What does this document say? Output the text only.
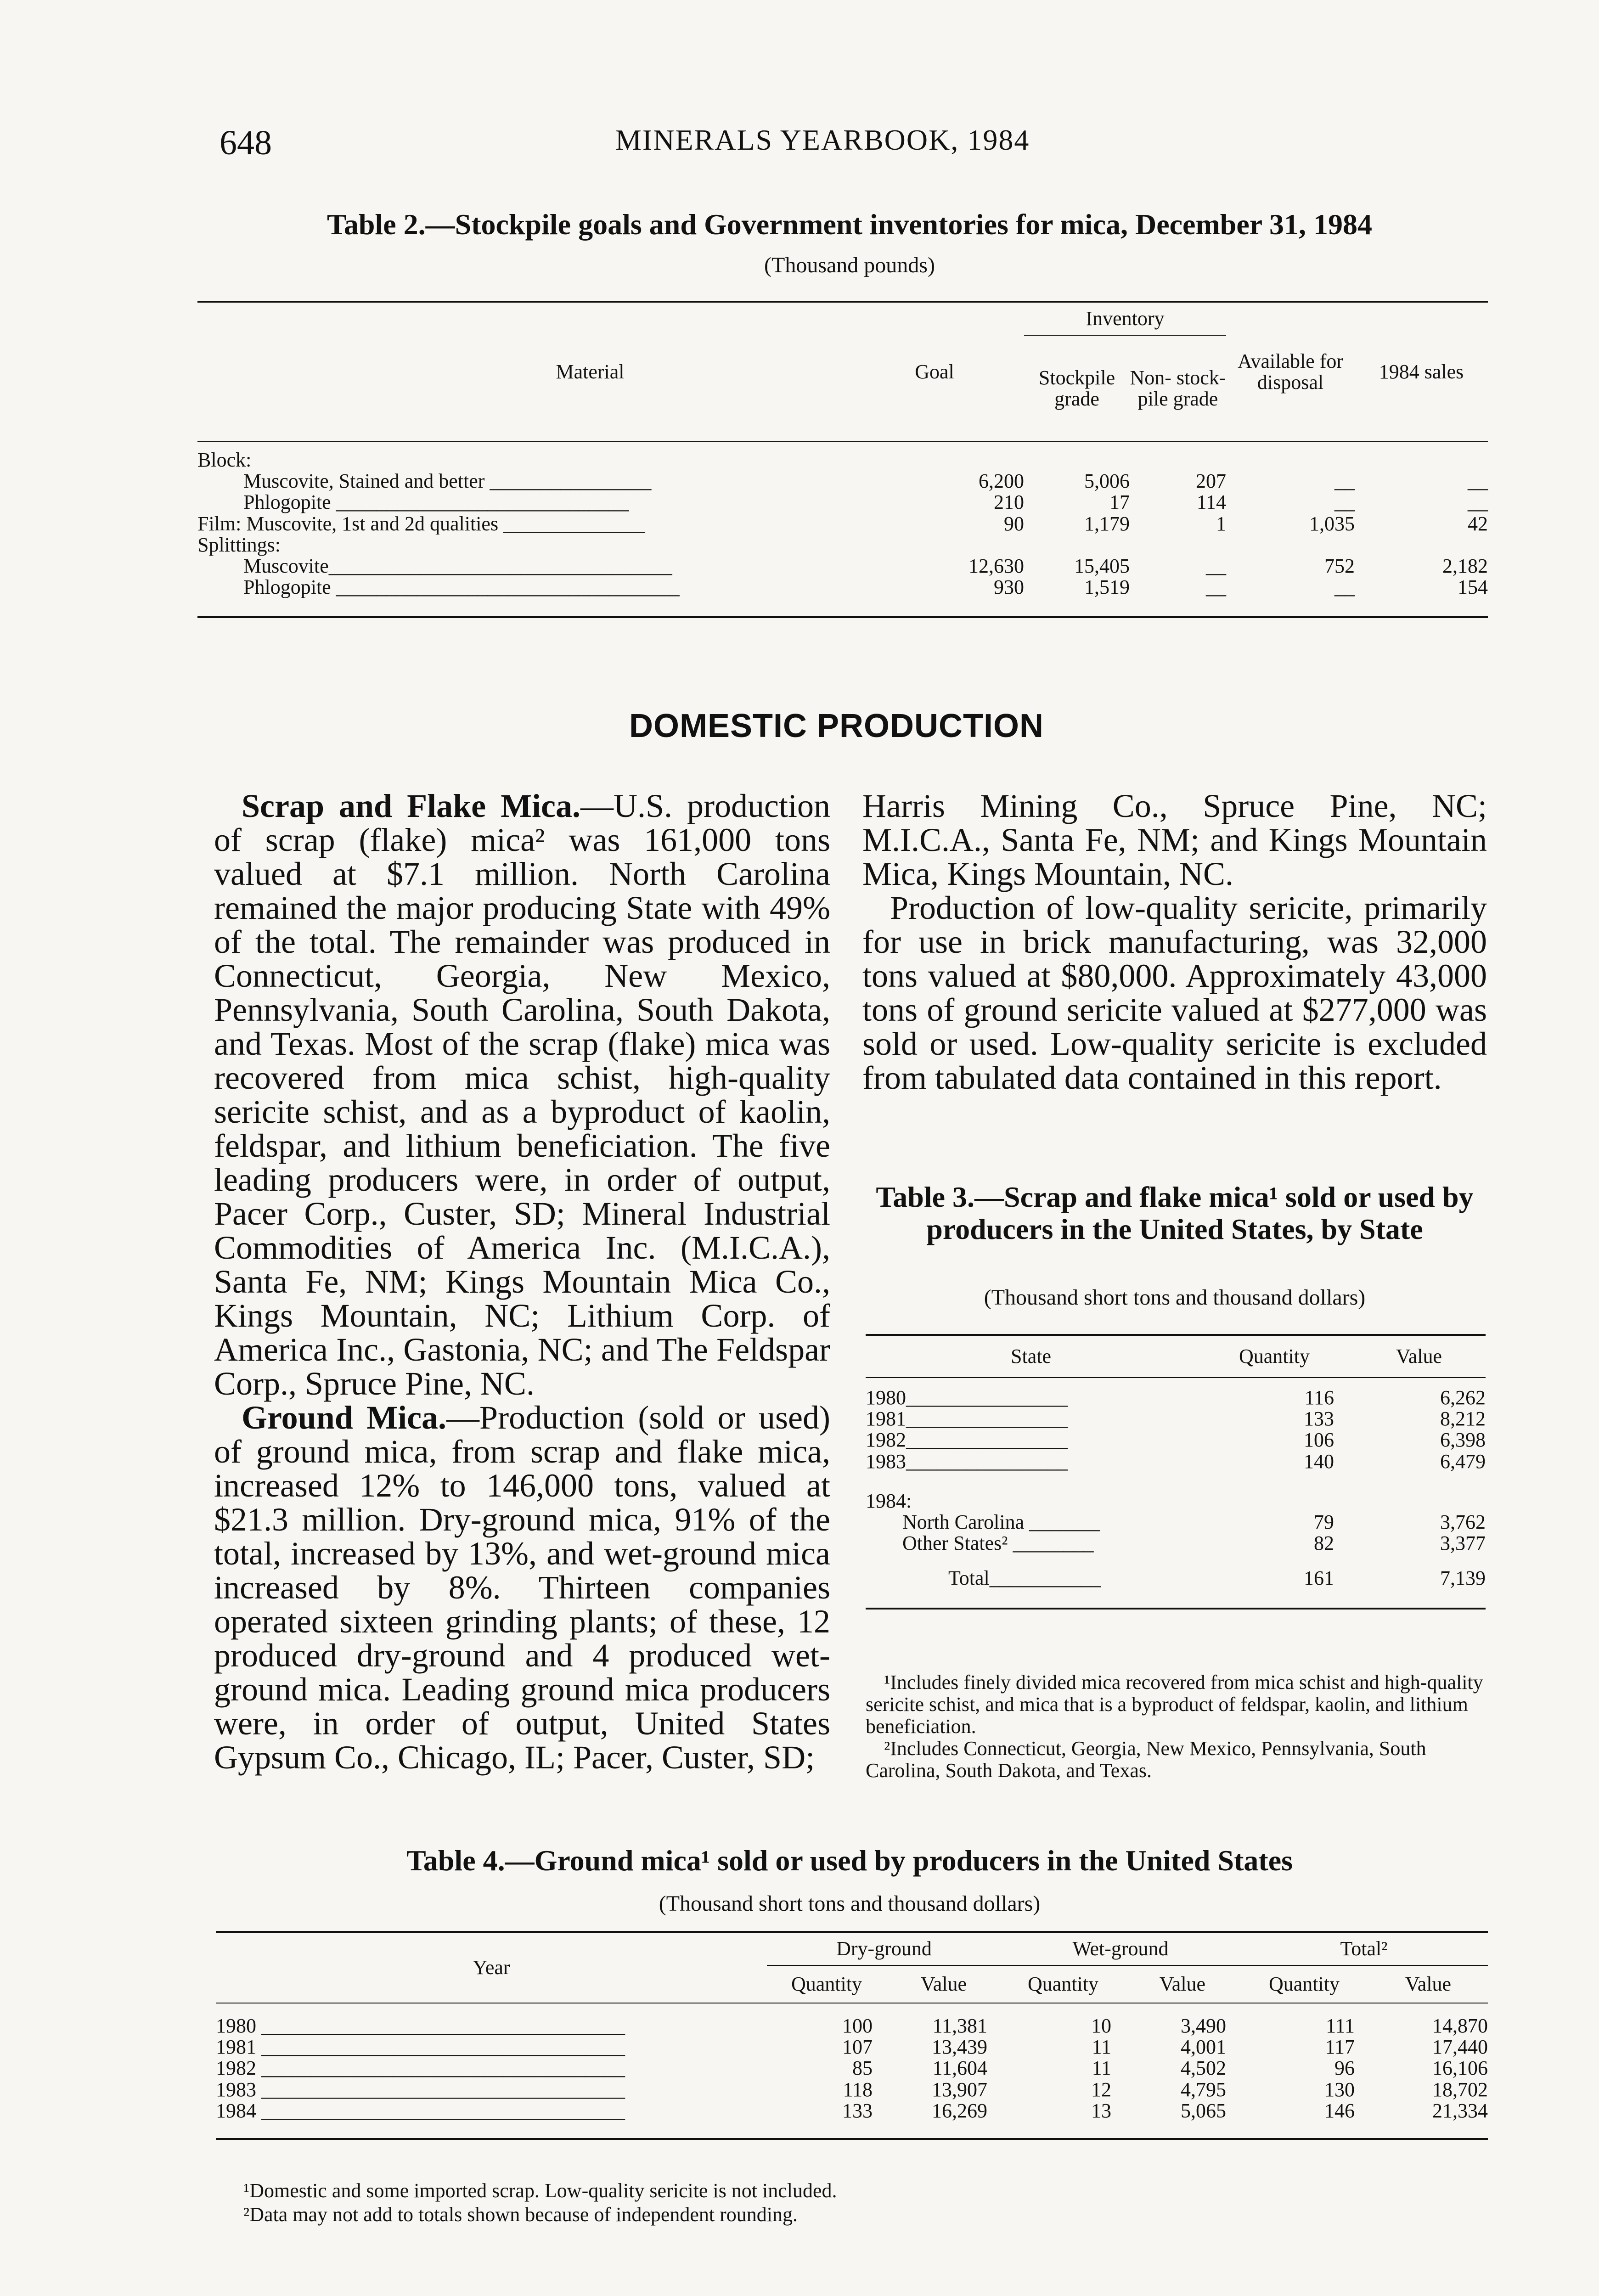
648	MINERALS YEARBOOK, 1984
Table 2.—Stockpile goals and Government inventories for mica, December 31, 1984
(Thousand pounds)
Material	Goal	Inventory		Available for disposal	1984 sales
		Stockpile grade	Non- stock- pile grade		
Block:					
Muscovite, Stained and better ________________	6,200	5,006	207	__	__
Phlogopite _____________________________	210	17	114	__	__
Film: Muscovite, 1st and 2d qualities ______________	90	1,179	1	1,035	42
Splittings:					
Muscovite__________________________________	12,630	15,405	__	752	2,182
Phlogopite __________________________________	930	1,519	__	__	154

DOMESTIC PRODUCTION

Scrap and Flake Mica.—U.S. production of scrap (flake) mica² was 161,000 tons valued at $7.1 million. North Carolina remained the major producing State with 49% of the total. The remainder was produced in Connecticut, Georgia, New Mexico, Pennsylvania, South Carolina, South Dakota, and Texas. Most of the scrap (flake) mica was recovered from mica schist, high-quality sericite schist, and as a byproduct of kaolin, feldspar, and lithium beneficiation. The five leading producers were, in order of output, Pacer Corp., Custer, SD; Mineral Industrial Commodities of America Inc. (M.I.C.A.), Santa Fe, NM; Kings Mountain Mica Co., Kings Mountain, NC; Lithium Corp. of America Inc., Gastonia, NC; and The Feldspar Corp., Spruce Pine, NC.

Ground Mica.—Production (sold or used) of ground mica, from scrap and flake mica, increased 12% to 146,000 tons, valued at $21.3 million. Dry-ground mica, 91% of the total, increased by 13%, and wet-ground mica increased by 8%. Thirteen companies operated sixteen grinding plants; of these, 12 produced dry-ground and 4 produced wet-ground mica. Leading ground mica producers were, in order of output, United States Gypsum Co., Chicago, IL; Pacer, Custer, SD;

Harris Mining Co., Spruce Pine, NC; M.I.C.A., Santa Fe, NM; and Kings Mountain Mica, Kings Mountain, NC.

Production of low-quality sericite, primarily for use in brick manufacturing, was 32,000 tons valued at $80,000. Approximately 43,000 tons of ground sericite valued at $277,000 was sold or used. Low-quality sericite is excluded from tabulated data contained in this report.

Table 3.—Scrap and flake mica¹ sold or used by producers in the United States, by State
(Thousand short tons and thousand dollars)
State	Quantity	Value
1980________________	116	6,262
1981________________	133	8,212
1982________________	106	6,398
1983________________	140	6,479
1984:		
North Carolina _______	79	3,762
Other States² ________	82	3,377
Total___________	161	7,139

¹Includes finely divided mica recovered from mica schist and high-quality sericite schist, and mica that is a byproduct of feldspar, kaolin, and lithium beneficiation.

²Includes Connecticut, Georgia, New Mexico, Pennsylvania, South Carolina, South Dakota, and Texas.

Table 4.—Ground mica¹ sold or used by producers in the United States
(Thousand short tons and thousand dollars)
Year	Dry-ground		Wet-ground		Total²	
	Quantity	Value	Quantity	Value	Quantity	Value
1980 ____________________________________	100	11,381	10	3,490	111	14,870
1981 ____________________________________	107	13,439	11	4,001	117	17,440
1982 ____________________________________	85	11,604	11	4,502	96	16,106
1983 ____________________________________	118	13,907	12	4,795	130	18,702
1984 ____________________________________	133	16,269	13	5,065	146	21,334

¹Domestic and some imported scrap. Low-quality sericite is not included.

²Data may not add to totals shown because of independent rounding.
